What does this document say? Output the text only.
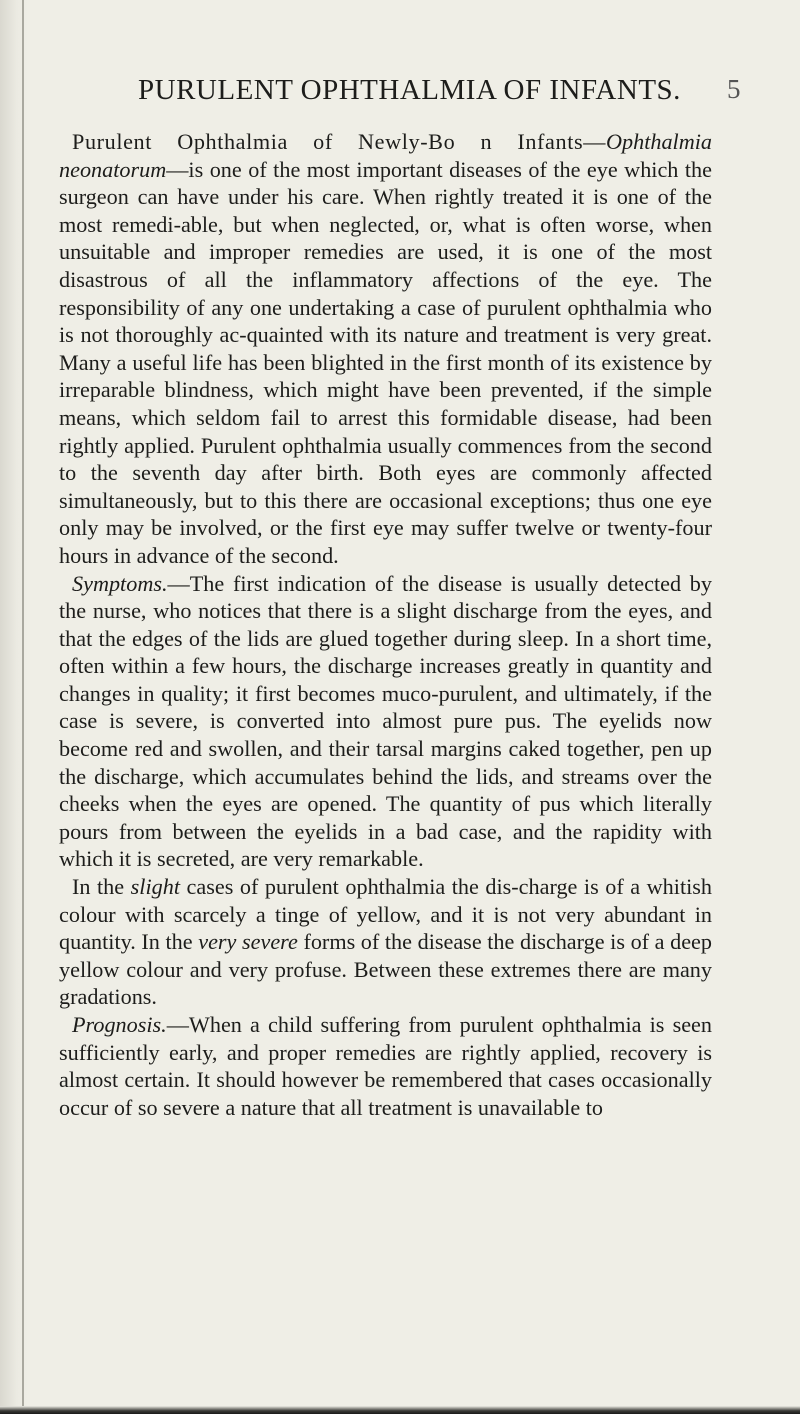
PURULENT OPHTHALMIA OF INFANTS.	5

Purulent Ophthalmia of Newly-Bo n Infants—Ophthalmia neonatorum—is one of the most important diseases of the eye which the surgeon can have under his care. When rightly treated it is one of the most remedi-able, but when neglected, or, what is often worse, when unsuitable and improper remedies are used, it is one of the most disastrous of all the inflammatory affections of the eye. The responsibility of any one undertaking a case of purulent ophthalmia who is not thoroughly ac-quainted with its nature and treatment is very great. Many a useful life has been blighted in the first month of its existence by irreparable blindness, which might have been prevented, if the simple means, which seldom fail to arrest this formidable disease, had been rightly applied. Purulent ophthalmia usually commences from the second to the seventh day after birth. Both eyes are commonly affected simultaneously, but to this there are occasional exceptions; thus one eye only may be involved, or the first eye may suffer twelve or twenty-four hours in advance of the second.

Symptoms.—The first indication of the disease is usually detected by the nurse, who notices that there is a slight discharge from the eyes, and that the edges of the lids are glued together during sleep. In a short time, often within a few hours, the discharge increases greatly in quantity and changes in quality; it first becomes muco-purulent, and ultimately, if the case is severe, is converted into almost pure pus. The eyelids now become red and swollen, and their tarsal margins caked together, pen up the discharge, which accumulates behind the lids, and streams over the cheeks when the eyes are opened. The quantity of pus which literally pours from between the eyelids in a bad case, and the rapidity with which it is secreted, are very remarkable.

In the slight cases of purulent ophthalmia the dis-charge is of a whitish colour with scarcely a tinge of yellow, and it is not very abundant in quantity. In the very severe forms of the disease the discharge is of a deep yellow colour and very profuse. Between these extremes there are many gradations.

Prognosis.—When a child suffering from purulent ophthalmia is seen sufficiently early, and proper remedies are rightly applied, recovery is almost certain. It should however be remembered that cases occasionally occur of so severe a nature that all treatment is unavailable to
